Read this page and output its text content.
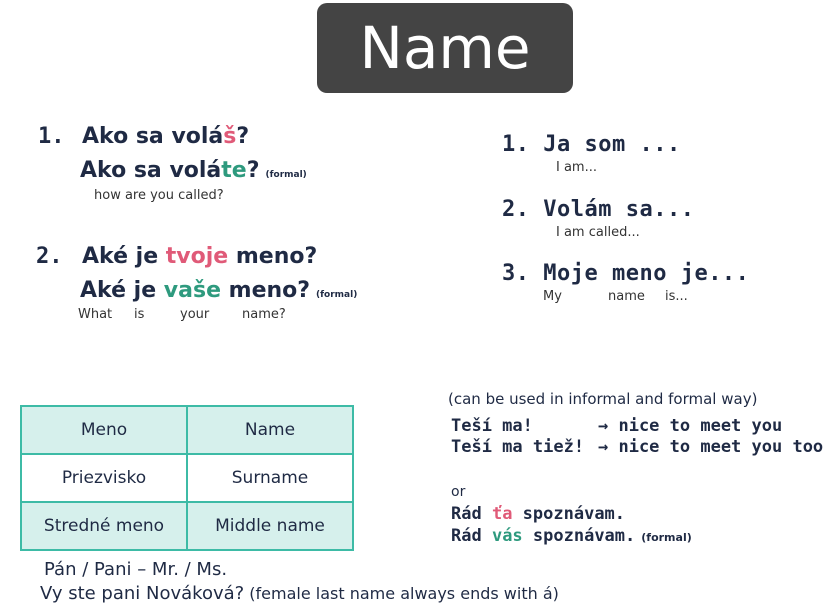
Name
1. Ako sa voláš?
Ako sa voláte? (formal)
how are you called?
2. Aké je tvoje meno?
Aké je vaše meno? (formal)
What is	your	name?
1. Ja som ...
I am...
2. Volám sa...
I am called...
3. Moje meno je...
My	name is...
(can be used in informal and formal way)
Teší ma!	→ nice to meet you
Teší ma tiež! → nice to meet you too
or
Rád ťa spoznávam.
Rád vás spoznávam. (formal)
Meno	Name
Priezvisko	Surname
Stredné meno	Middle name
Pán / Pani – Mr. / Ms.
Vy ste pani Nováková? (female last name always ends with á)
